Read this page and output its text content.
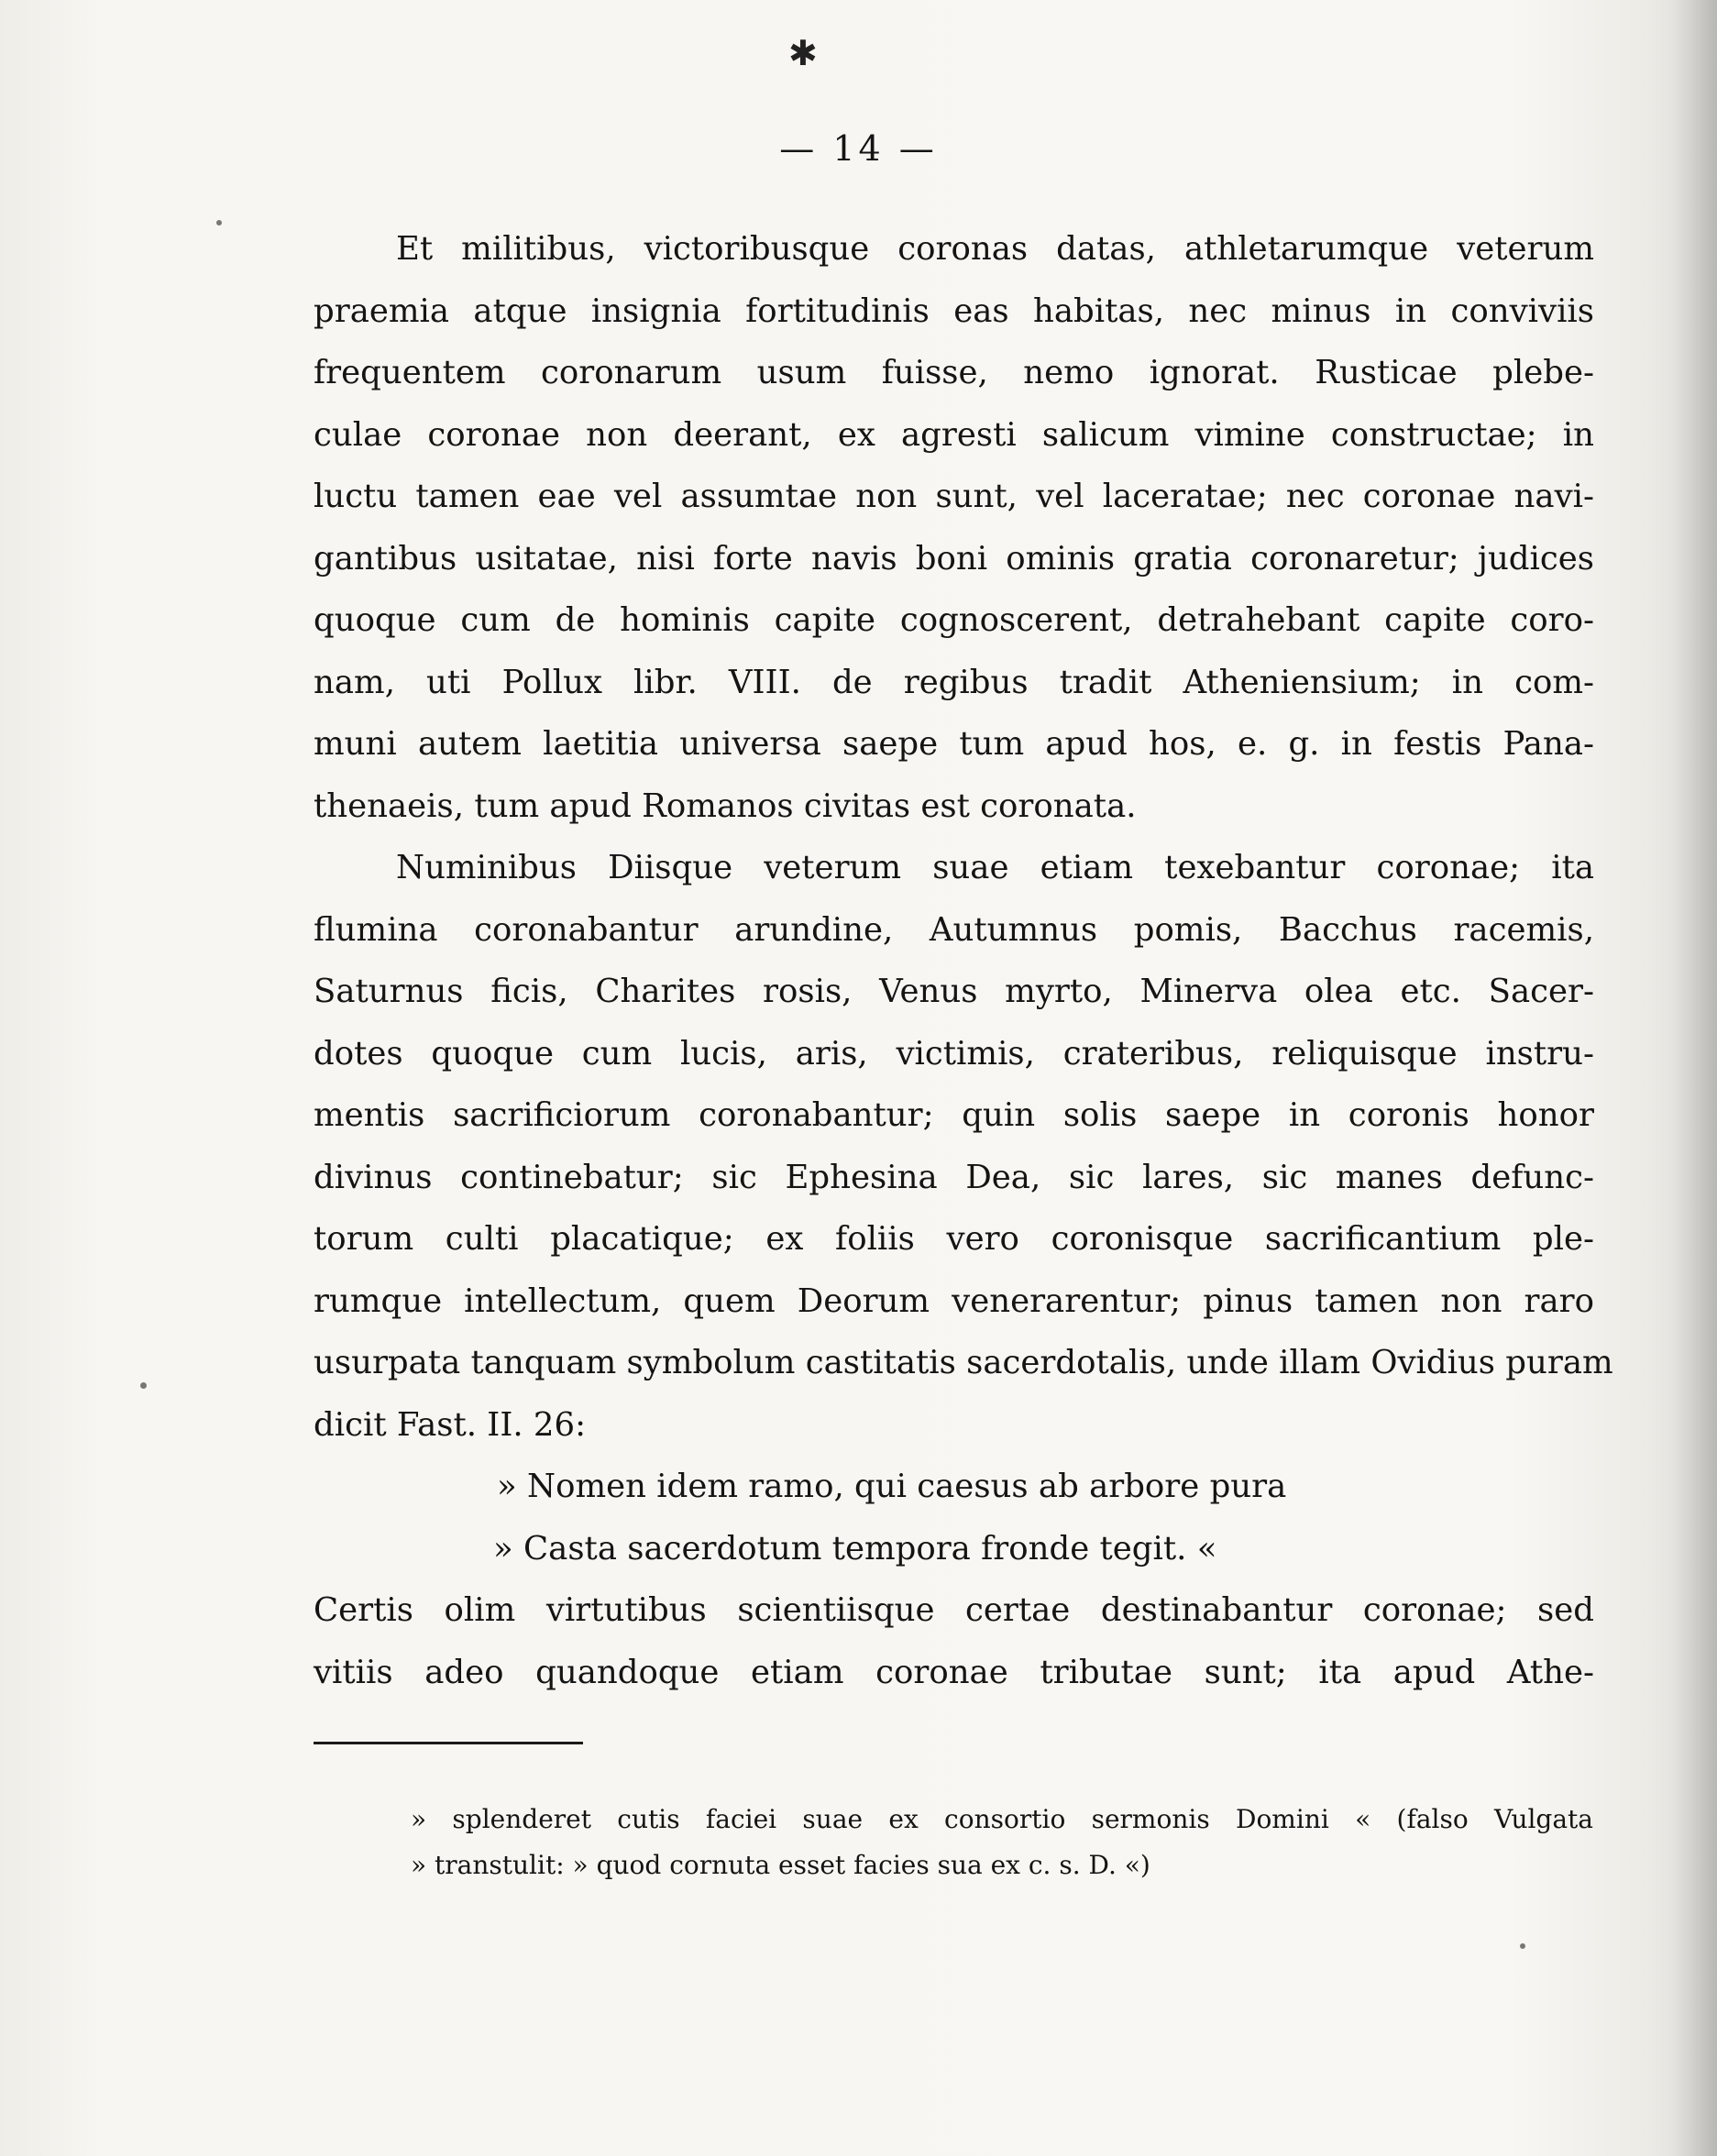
✱
— 14 —
Et militibus, victoribusque coronas datas, athletarumque veterum
praemia atque insignia fortitudinis eas habitas, nec minus in conviviis
frequentem coronarum usum fuisse, nemo ignorat. Rusticae plebe-
culae coronae non deerant, ex agresti salicum vimine constructae; in
luctu tamen eae vel assumtae non sunt, vel laceratae; nec coronae navi-
gantibus usitatae, nisi forte navis boni ominis gratia coronaretur; judices
quoque cum de hominis capite cognoscerent, detrahebant capite coro-
nam, uti Pollux libr. VIII. de regibus tradit Atheniensium; in com-
muni autem laetitia universa saepe tum apud hos, e. g. in festis Pana-
thenaeis, tum apud Romanos civitas est coronata.
Numinibus Diisque veterum suae etiam texebantur coronae; ita
flumina coronabantur arundine, Autumnus pomis, Bacchus racemis,
Saturnus ficis, Charites rosis, Venus myrto, Minerva olea etc. Sacer-
dotes quoque cum lucis, aris, victimis, crateribus, reliquisque instru-
mentis sacrificiorum coronabantur; quin solis saepe in coronis honor
divinus continebatur; sic Ephesina Dea, sic lares, sic manes defunc-
torum culti placatique; ex foliis vero coronisque sacrificantium ple-
rumque intellectum, quem Deorum venerarentur; pinus tamen non raro
usurpata tanquam symbolum castitatis sacerdotalis, unde illam Ovidius puram
dicit Fast. II. 26:
» Nomen idem ramo, qui caesus ab arbore pura
» Casta sacerdotum tempora fronde tegit. «
Certis olim virtutibus scientiisque certae destinabantur coronae; sed
vitiis adeo quandoque etiam coronae tributae sunt; ita apud Athe-
» splenderet cutis faciei suae ex consortio sermonis Domini « (falso Vulgata
» transtulit: » quod cornuta esset facies sua ex c. s. D. «)
